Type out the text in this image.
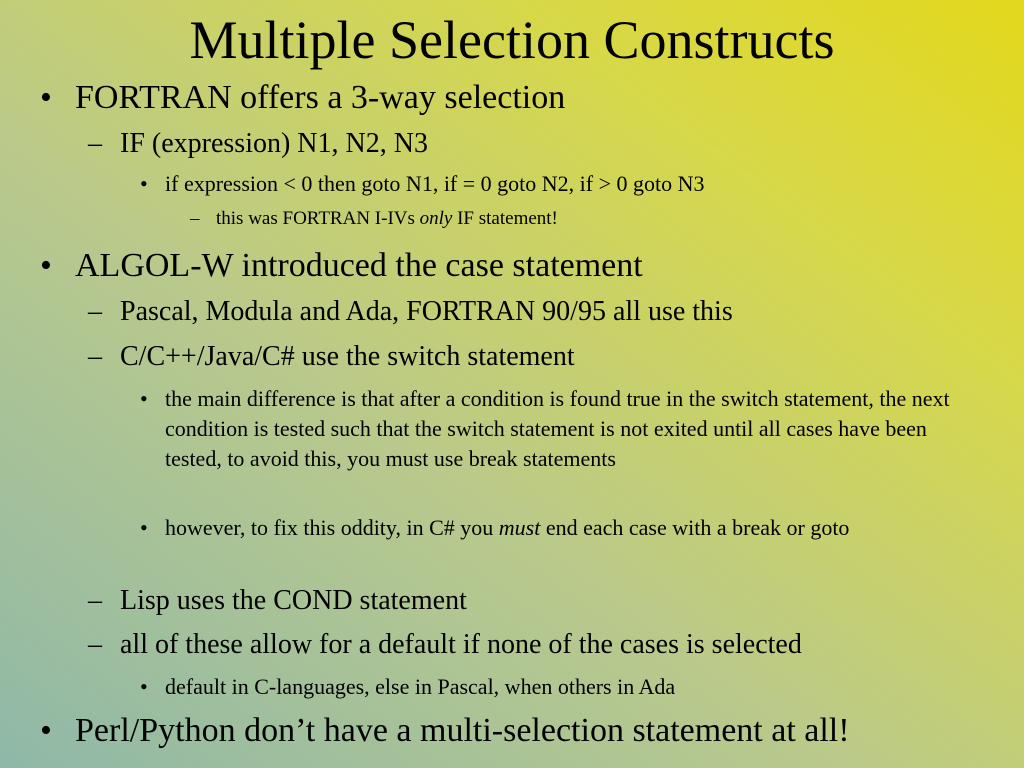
Multiple Selection Constructs
• FORTRAN offers a 3-way selection
– IF (expression) N1, N2, N3
• if expression < 0 then goto N1, if = 0 goto N2, if > 0 goto N3
– this was FORTRAN I-IVs only IF statement!
• ALGOL-W introduced the case statement
– Pascal, Modula and Ada, FORTRAN 90/95 all use this
– C/C++/Java/C# use the switch statement
• the main difference is that after a condition is found true in the switch statement, the next condition is tested such that the switch statement is not exited until all cases have been tested, to avoid this, you must use break statements
• however, to fix this oddity, in C# you must end each case with a break or goto
– Lisp uses the COND statement
– all of these allow for a default if none of the cases is selected
• default in C-languages, else in Pascal, when others in Ada
• Perl/Python don’t have a multi-selection statement at all!
